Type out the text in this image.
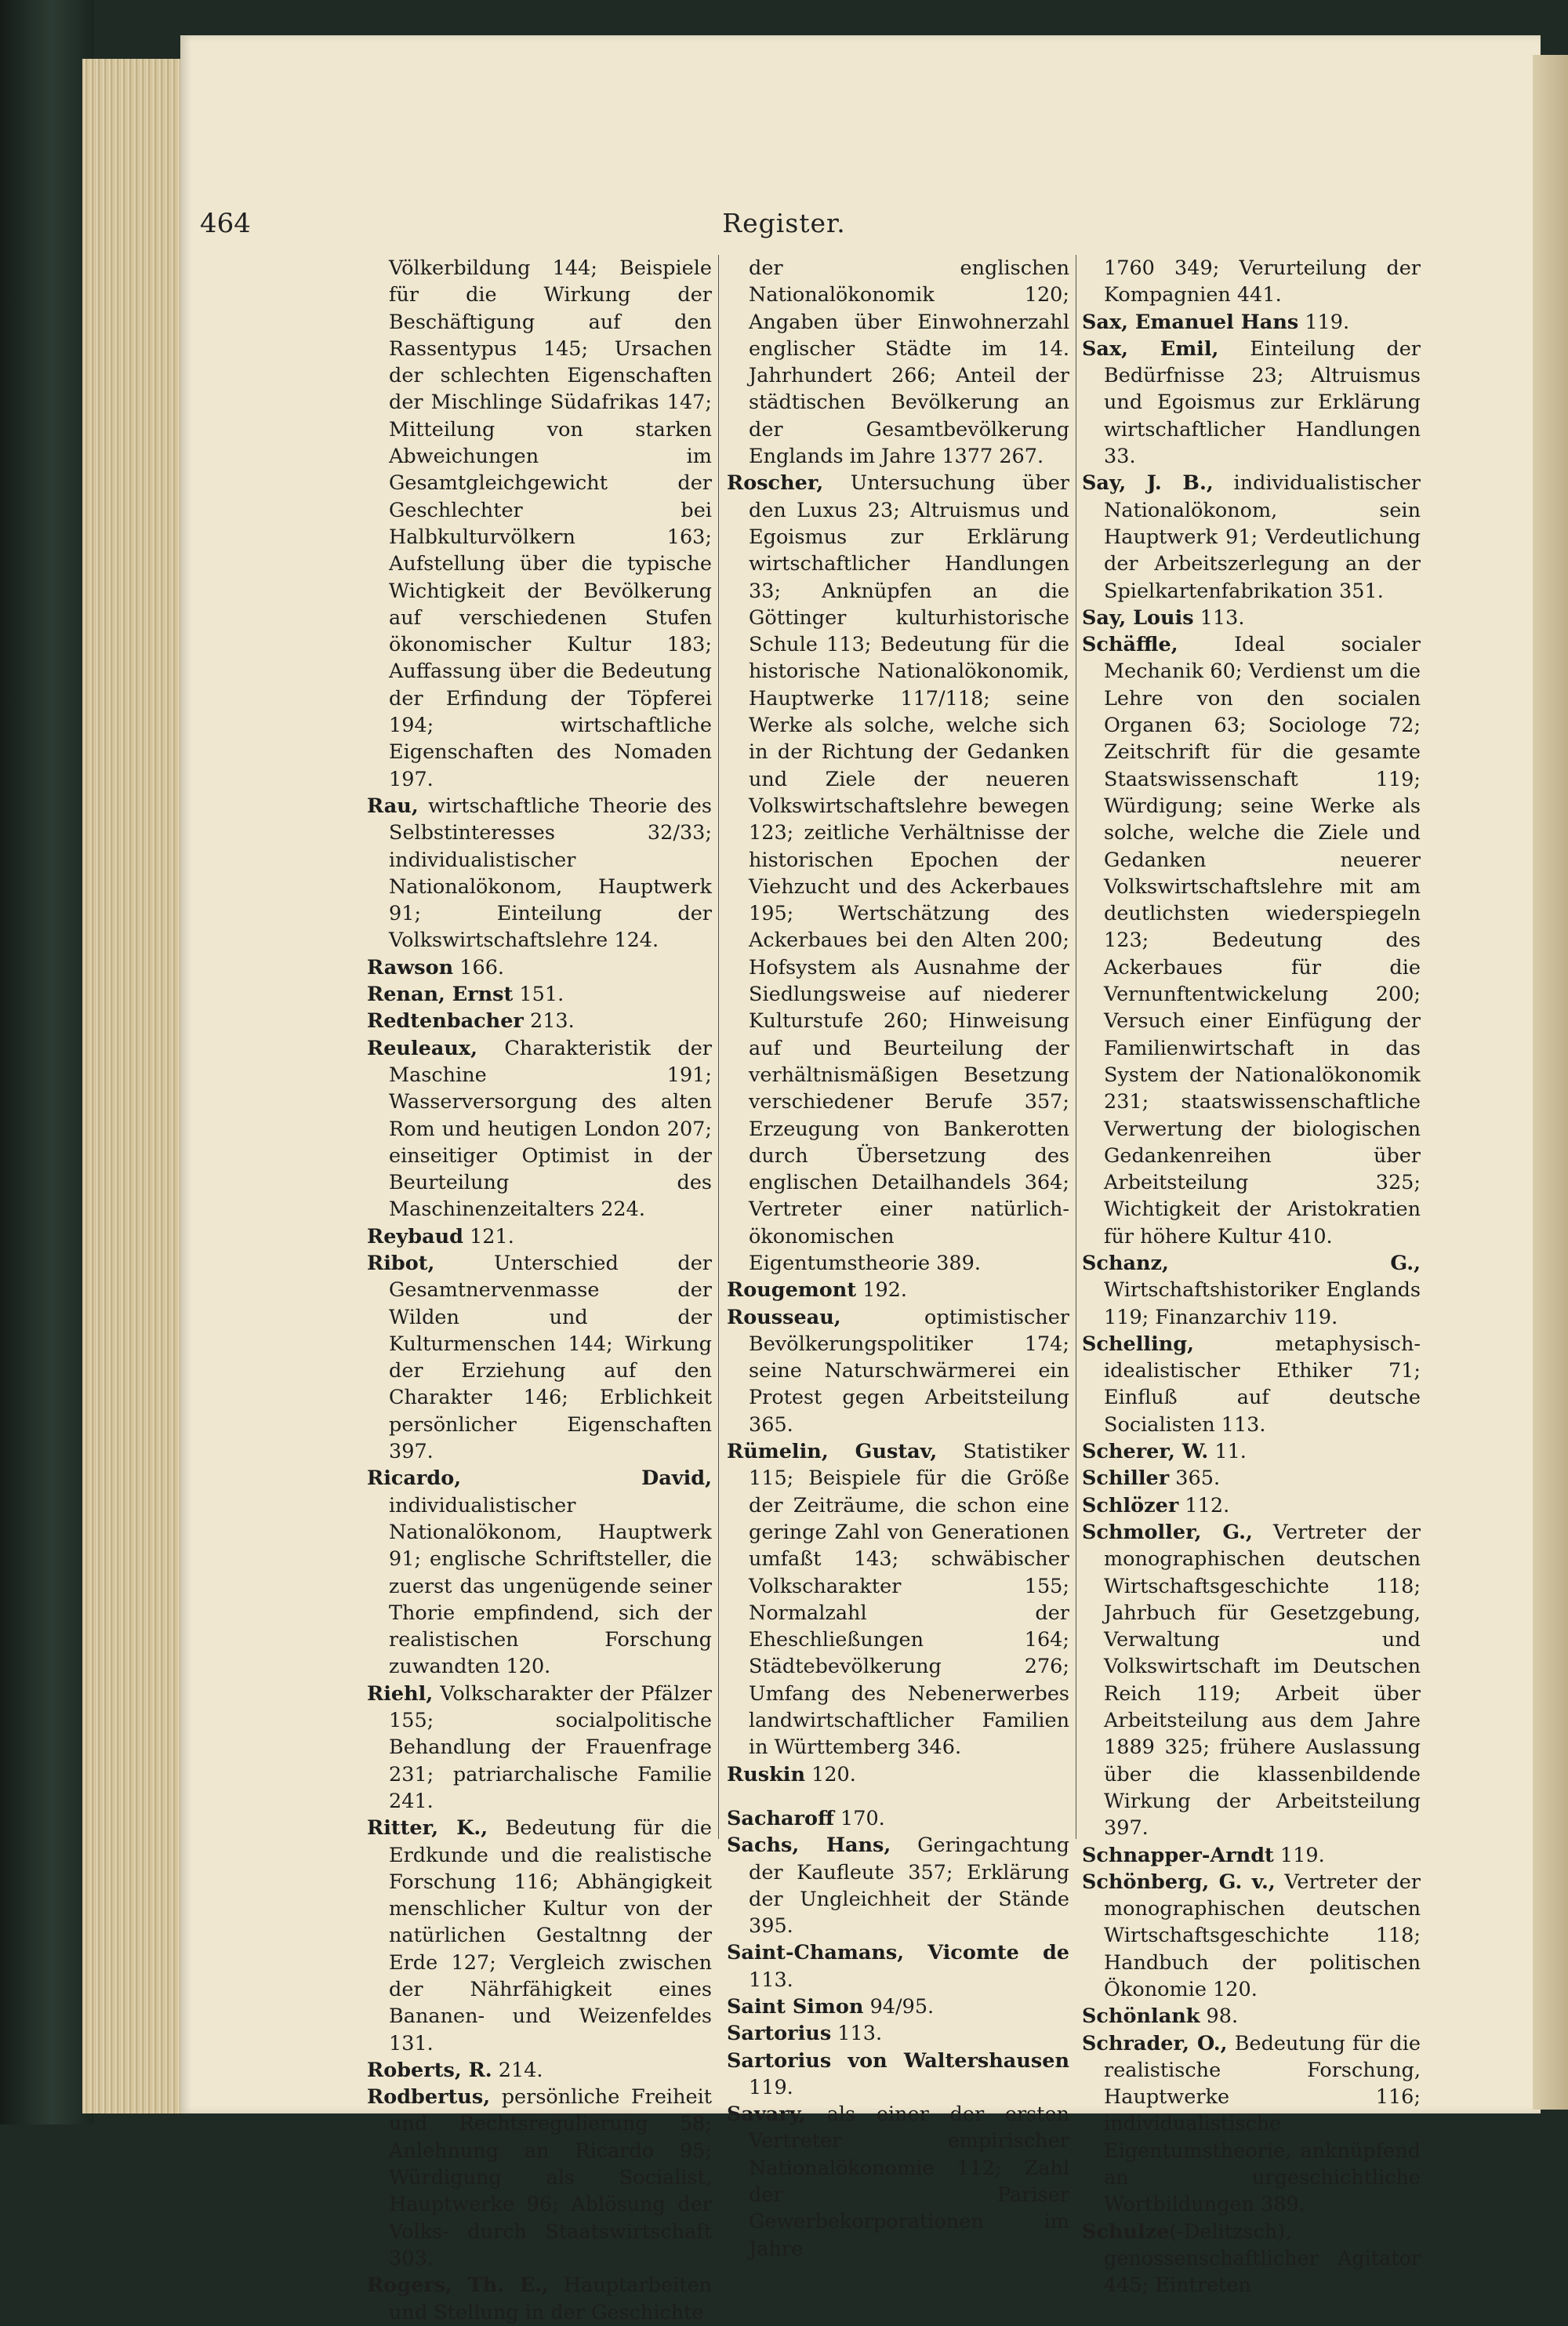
464	Register.

Völkerbildung 144; Beispiele für die Wirkung der Beschäftigung auf den Rassentypus 145; Ursachen der schlechten Eigenschaften der Mischlinge Südafrikas 147; Mitteilung von starken Abweichungen im Gesamtgleichgewicht der Geschlechter bei Halbkulturvölkern 163; Aufstellung über die typische Wichtigkeit der Bevölkerung auf verschiedenen Stufen ökonomischer Kultur 183; Auffassung über die Bedeutung der Erfindung der Töpferei 194; wirtschaftliche Eigenschaften des Nomaden 197.

Rau, wirtschaftliche Theorie des Selbstinteresses 32/33; individualistischer Nationalökonom, Hauptwerk 91; Einteilung der Volkswirtschaftslehre 124.

Rawson 166.

Renan, Ernst 151.

Redtenbacher 213.

Reuleaux, Charakteristik der Maschine 191; Wasserversorgung des alten Rom und heutigen London 207; einseitiger Optimist in der Beurteilung des Maschinenzeitalters 224.

Reybaud 121.

Ribot, Unterschied der Gesamtnervenmasse der Wilden und der Kulturmenschen 144; Wirkung der Erziehung auf den Charakter 146; Erblichkeit persönlicher Eigenschaften 397.

Ricardo, David, individualistischer Nationalökonom, Hauptwerk 91; englische Schriftsteller, die zuerst das ungenügende seiner Thorie empfindend, sich der realistischen Forschung zuwandten 120.

Riehl, Volkscharakter der Pfälzer 155; socialpolitische Behandlung der Frauenfrage 231; patriarchalische Familie 241.

Ritter, K., Bedeutung für die Erdkunde und die realistische Forschung 116; Abhängigkeit menschlicher Kultur von der natürlichen Gestaltnng der Erde 127; Vergleich zwischen der Nährfähigkeit eines Bananen- und Weizenfeldes 131.

Roberts, R. 214.

Rodbertus, persönliche Freiheit und Rechtsregulierung 58; Anlehnung an Ricardo 95; Würdigung als Socialist, Hauptwerke 96; Ablösung der Volks- durch Staatswirtschaft 303.

Rogers, Th. E., Hauptarbeiten und Stellung in der Geschichte

der englischen Nationalökonomik 120; Angaben über Einwohnerzahl englischer Städte im 14. Jahrhundert 266; Anteil der städtischen Bevölkerung an der Gesamtbevölkerung Englands im Jahre 1377 267.

Roscher, Untersuchung über den Luxus 23; Altruismus und Egoismus zur Erklärung wirtschaftlicher Handlungen 33; Anknüpfen an die Göttinger kulturhistorische Schule 113; Bedeutung für die historische Nationalökonomik, Hauptwerke 117/118; seine Werke als solche, welche sich in der Richtung der Gedanken und Ziele der neueren Volkswirtschaftslehre bewegen 123; zeitliche Verhältnisse der historischen Epochen der Viehzucht und des Ackerbaues 195; Wertschätzung des Ackerbaues bei den Alten 200; Hofsystem als Ausnahme der Siedlungsweise auf niederer Kulturstufe 260; Hinweisung auf und Beurteilung der verhältnismäßigen Besetzung verschiedener Berufe 357; Erzeugung von Bankerotten durch Übersetzung des englischen Detailhandels 364; Vertreter einer natürlich-ökonomischen Eigentumstheorie 389.

Rougemont 192.

Rousseau, optimistischer Bevölkerungspolitiker 174; seine Naturschwärmerei ein Protest gegen Arbeitsteilung 365.

Rümelin, Gustav, Statistiker 115; Beispiele für die Größe der Zeiträume, die schon eine geringe Zahl von Generationen umfaßt 143; schwäbischer Volkscharakter 155; Normalzahl der Eheschließungen 164; Städtebevölkerung 276; Umfang des Nebenerwerbes landwirtschaftlicher Familien in Württemberg 346.

Ruskin 120.

Sacharoff 170.

Sachs, Hans, Geringachtung der Kaufleute 357; Erklärung der Ungleichheit der Stände 395.

Saint-Chamans, Vicomte de 113.

Saint Simon 94/95.

Sartorius 113.

Sartorius von Waltershausen 119.

Savary, als einer der ersten Vertreter empirischer Nationalökonomie 112; Zahl der Pariser Gewerbekorporationen im Jahre

1760 349; Verurteilung der Kompagnien 441.

Sax, Emanuel Hans 119.

Sax, Emil, Einteilung der Bedürfnisse 23; Altruismus und Egoismus zur Erklärung wirtschaftlicher Handlungen 33.

Say, J. B., individualistischer Nationalökonom, sein Hauptwerk 91; Verdeutlichung der Arbeitszerlegung an der Spielkartenfabrikation 351.

Say, Louis 113.

Schäffle, Ideal socialer Mechanik 60; Verdienst um die Lehre von den socialen Organen 63; Sociologe 72; Zeitschrift für die gesamte Staatswissenschaft 119; Würdigung; seine Werke als solche, welche die Ziele und Gedanken neuerer Volkswirtschaftslehre mit am deutlichsten wiederspiegeln 123; Bedeutung des Ackerbaues für die Vernunftentwickelung 200; Versuch einer Einfügung der Familienwirtschaft in das System der Nationalökonomik 231; staatswissenschaftliche Verwertung der biologischen Gedankenreihen über Arbeitsteilung 325; Wichtigkeit der Aristokratien für höhere Kultur 410.

Schanz, G., Wirtschaftshistoriker Englands 119; Finanzarchiv 119.

Schelling, metaphysisch-idealistischer Ethiker 71; Einfluß auf deutsche Socialisten 113.

Scherer, W. 11.

Schiller 365.

Schlözer 112.

Schmoller, G., Vertreter der monographischen deutschen Wirtschaftsgeschichte 118; Jahrbuch für Gesetzgebung, Verwaltung und Volkswirtschaft im Deutschen Reich 119; Arbeit über Arbeitsteilung aus dem Jahre 1889 325; frühere Auslassung über die klassenbildende Wirkung der Arbeitsteilung 397.

Schnapper-Arndt 119.

Schönberg, G. v., Vertreter der monographischen deutschen Wirtschaftsgeschichte 118; Handbuch der politischen Ökonomie 120.

Schönlank 98.

Schrader, O., Bedeutung für die realistische Forschung, Hauptwerke 116; individualistische Eigentumstheorie, anknüpfend an urgeschichtliche Wortbildungen 389.

Schulze(-Delitzsch), genossenschaftlicher Agitator 445; Eintreten
